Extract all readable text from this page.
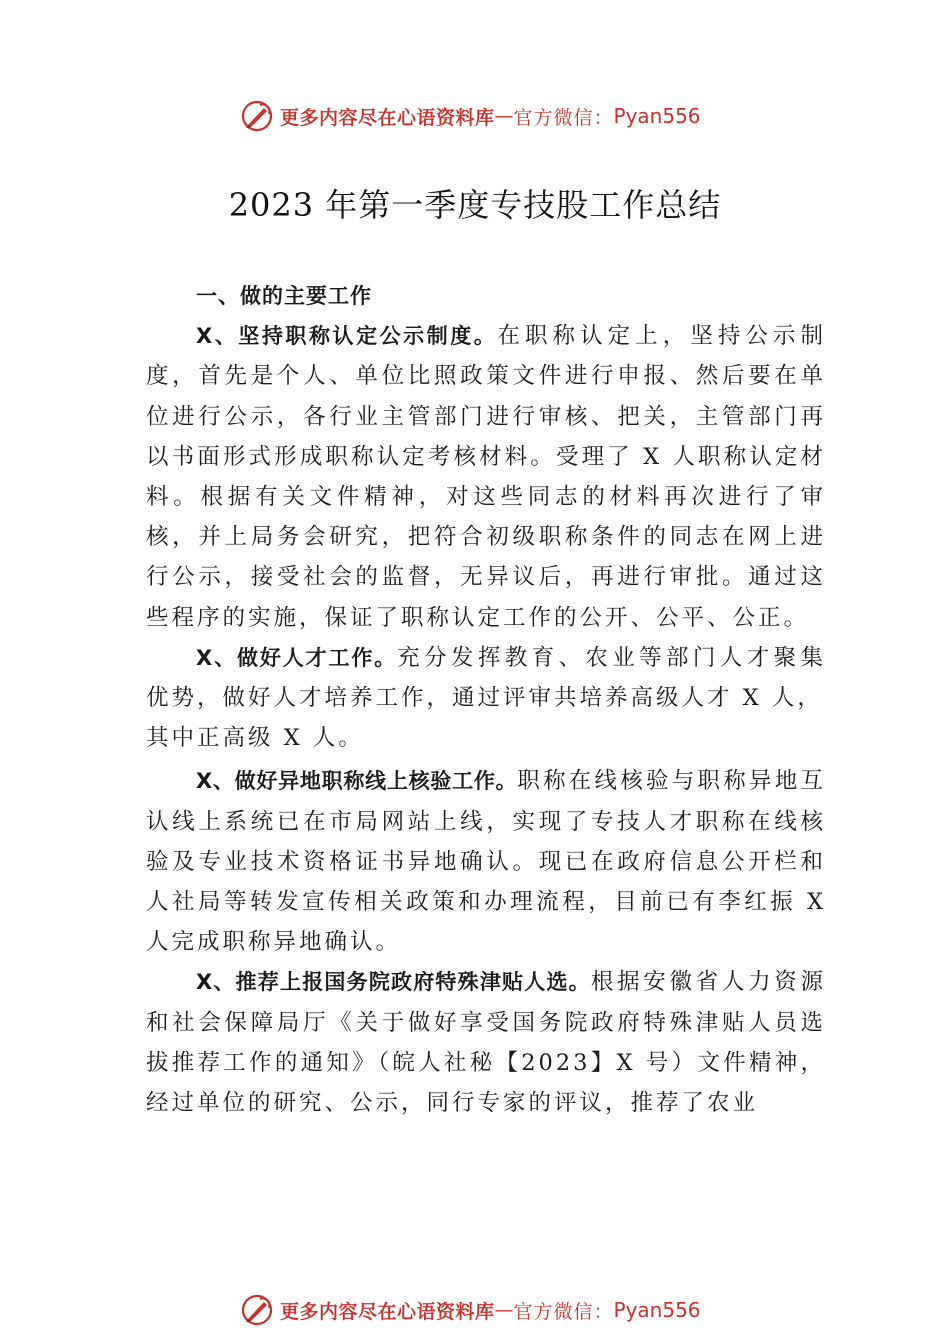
更多内容尽在心语资料库 — 官方微信： Pyan556
2023 年第一季度专技股工作总结

一、做的主要工作

X、坚持职称认定公示制度。在职称认定上，坚持公示制度，首先是个人、单位比照政策文件进行申报、然后要在单位进行公示，各行业主管部门进行审核、把关，主管部门再以书面形式形成职称认定考核材料。受理了 X 人职称认定材料。根据有关文件精神，对这些同志的材料再次进行了审核，并上局务会研究，把符合初级职称条件的同志在网上进行公示，接受社会的监督，无异议后，再进行审批。通过这些程序的实施，保证了职称认定工作的公开、公平、公正。

X、做好人才工作。充分发挥教育、农业等部门人才聚集 优势，做好人才培养工作，通过评审共培养高级人才 X 人，

其中正高级 X 人。

X、做好异地职称线上核验工作。职称在线核验与职称异地互认线上系统已在市局网站上线，实现了专技人才职称在线核验及专业技术资格证书异地确认。现已在政府信息公开栏和人社局等转发宣传相关政策和办理流程，目前已有李红振 X 人完成职称异地确认。

X、推荐上报国务院政府特殊津贴人选。根据安徽省人力资源和社会保障局厅《关于做好享受国务院政府特殊津贴人员选拔推荐工作的通知》（皖人社秘【2023】X 号）文件精神，经过单位的研究、公示，同行专家的评议，推荐了农业

更多内容尽在心语资料库 — 官方微信： Pyan556
